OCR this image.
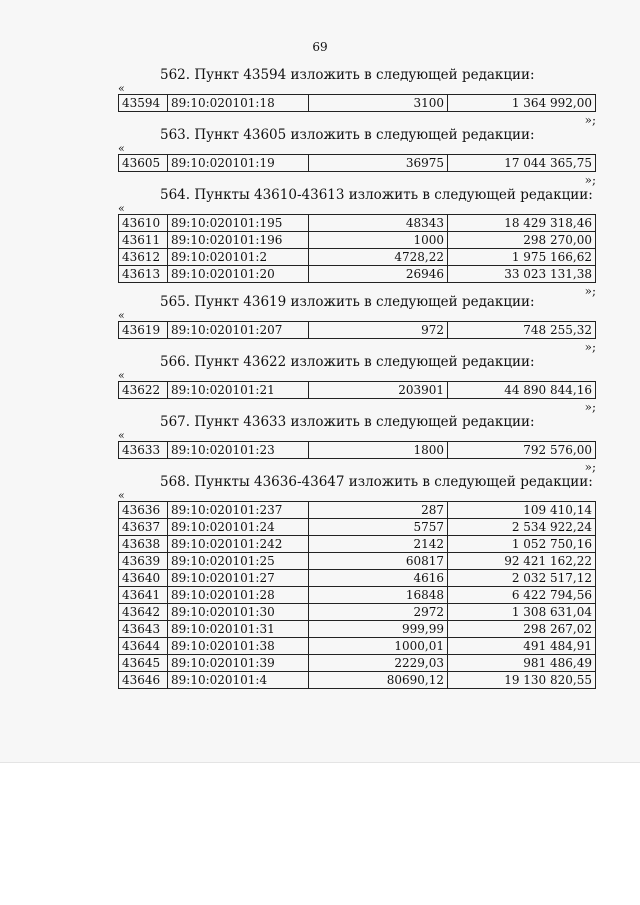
69
562. Пункт 43594 изложить в следующей редакции:
«
43594	89:10:020101:18	3100	1 364 992,00
»;
563. Пункт 43605 изложить в следующей редакции:
«
43605	89:10:020101:19	36975	17 044 365,75
»;
564. Пункты 43610-43613 изложить в следующей редакции:
«
43610	89:10:020101:195	48343	18 429 318,46
43611	89:10:020101:196	1000	298 270,00
43612	89:10:020101:2	4728,22	1 975 166,62
43613	89:10:020101:20	26946	33 023 131,38
»;
565. Пункт 43619 изложить в следующей редакции:
«
43619	89:10:020101:207	972	748 255,32
»;
566. Пункт 43622 изложить в следующей редакции:
«
43622	89:10:020101:21	203901	44 890 844,16
»;
567. Пункт 43633 изложить в следующей редакции:
«
43633	89:10:020101:23	1800	792 576,00
»;
568. Пункты 43636-43647 изложить в следующей редакции:
«
43636	89:10:020101:237	287	109 410,14
43637	89:10:020101:24	5757	2 534 922,24
43638	89:10:020101:242	2142	1 052 750,16
43639	89:10:020101:25	60817	92 421 162,22
43640	89:10:020101:27	4616	2 032 517,12
43641	89:10:020101:28	16848	6 422 794,56
43642	89:10:020101:30	2972	1 308 631,04
43643	89:10:020101:31	999,99	298 267,02
43644	89:10:020101:38	1000,01	491 484,91
43645	89:10:020101:39	2229,03	981 486,49
43646	89:10:020101:4	80690,12	19 130 820,55
